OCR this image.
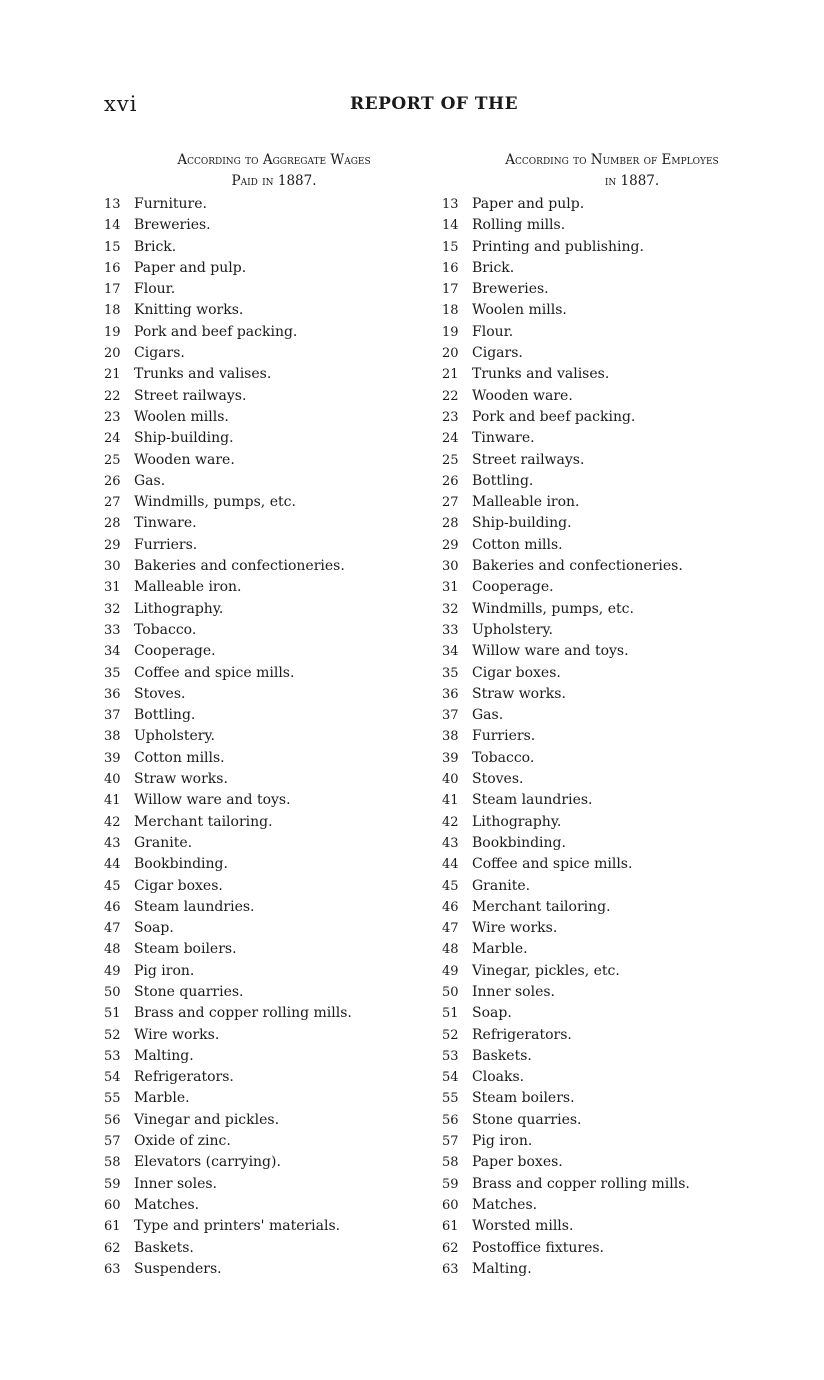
xvi	REPORT OF THE
According to Aggregate Wages
Paid in 1887.
13 Furniture.
14 Breweries.
15 Brick.
16 Paper and pulp.
17 Flour.
18 Knitting works.
19 Pork and beef packing.
20 Cigars.
21 Trunks and valises.
22 Street railways.
23 Woolen mills.
24 Ship-building.
25 Wooden ware.
26 Gas.
27 Windmills, pumps, etc.
28 Tinware.
29 Furriers.
30 Bakeries and confectioneries.
31 Malleable iron.
32 Lithography.
33 Tobacco.
34 Cooperage.
35 Coffee and spice mills.
36 Stoves.
37 Bottling.
38 Upholstery.
39 Cotton mills.
40 Straw works.
41 Willow ware and toys.
42 Merchant tailoring.
43 Granite.
44 Bookbinding.
45 Cigar boxes.
46 Steam laundries.
47 Soap.
48 Steam boilers.
49 Pig iron.
50 Stone quarries.
51 Brass and copper rolling mills.
52 Wire works.
53 Malting.
54 Refrigerators.
55 Marble.
56 Vinegar and pickles.
57 Oxide of zinc.
58 Elevators (carrying).
59 Inner soles.
60 Matches.
61 Type and printers' materials.
62 Baskets.
63 Suspenders.
According to Number of Employes
in 1887.
13 Paper and pulp.
14 Rolling mills.
15 Printing and publishing.
16 Brick.
17 Breweries.
18 Woolen mills.
19 Flour.
20 Cigars.
21 Trunks and valises.
22 Wooden ware.
23 Pork and beef packing.
24 Tinware.
25 Street railways.
26 Bottling.
27 Malleable iron.
28 Ship-building.
29 Cotton mills.
30 Bakeries and confectioneries.
31 Cooperage.
32 Windmills, pumps, etc.
33 Upholstery.
34 Willow ware and toys.
35 Cigar boxes.
36 Straw works.
37 Gas.
38 Furriers.
39 Tobacco.
40 Stoves.
41 Steam laundries.
42 Lithography.
43 Bookbinding.
44 Coffee and spice mills.
45 Granite.
46 Merchant tailoring.
47 Wire works.
48 Marble.
49 Vinegar, pickles, etc.
50 Inner soles.
51 Soap.
52 Refrigerators.
53 Baskets.
54 Cloaks.
55 Steam boilers.
56 Stone quarries.
57 Pig iron.
58 Paper boxes.
59 Brass and copper rolling mills.
60 Matches.
61 Worsted mills.
62 Postoffice fixtures.
63 Malting.
